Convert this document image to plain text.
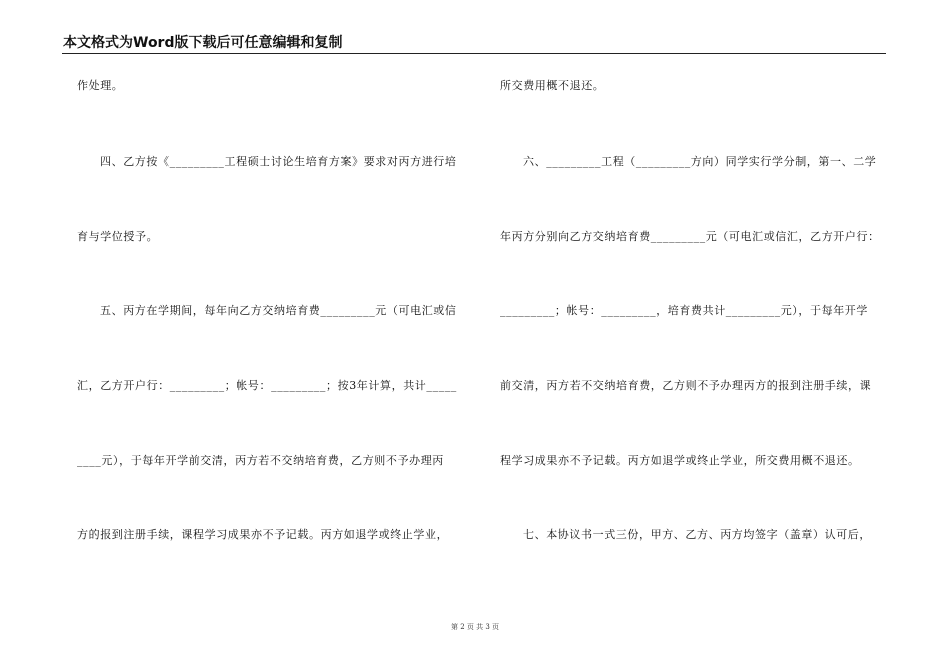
本文格式为Word版下载后可任意编辑和复制
作处理。
四、乙方按《_________工程硕士讨论生培育方案》要求对丙方进行培
育与学位授予。
五、丙方在学期间，每年向乙方交纳培育费_________元（可电汇或信
汇，乙方开户行：_________；帐号：_________；按3年计算，共计_____
____元），于每年开学前交清，丙方若不交纳培育费，乙方则不予办理丙
方的报到注册手续，课程学习成果亦不予记载。丙方如退学或终止学业，
所交费用概不退还。
六、_________工程（_________方向）同学实行学分制，第一、二学
年丙方分别向乙方交纳培育费_________元（可电汇或信汇，乙方开户行：
_________；帐号：_________，培育费共计_________元），于每年开学
前交清，丙方若不交纳培育费，乙方则不予办理丙方的报到注册手续，课
程学习成果亦不予记载。丙方如退学或终止学业，所交费用概不退还。
七、本协议书一式三份，甲方、乙方、丙方均签字（盖章）认可后，
第 2 页 共 3 页
